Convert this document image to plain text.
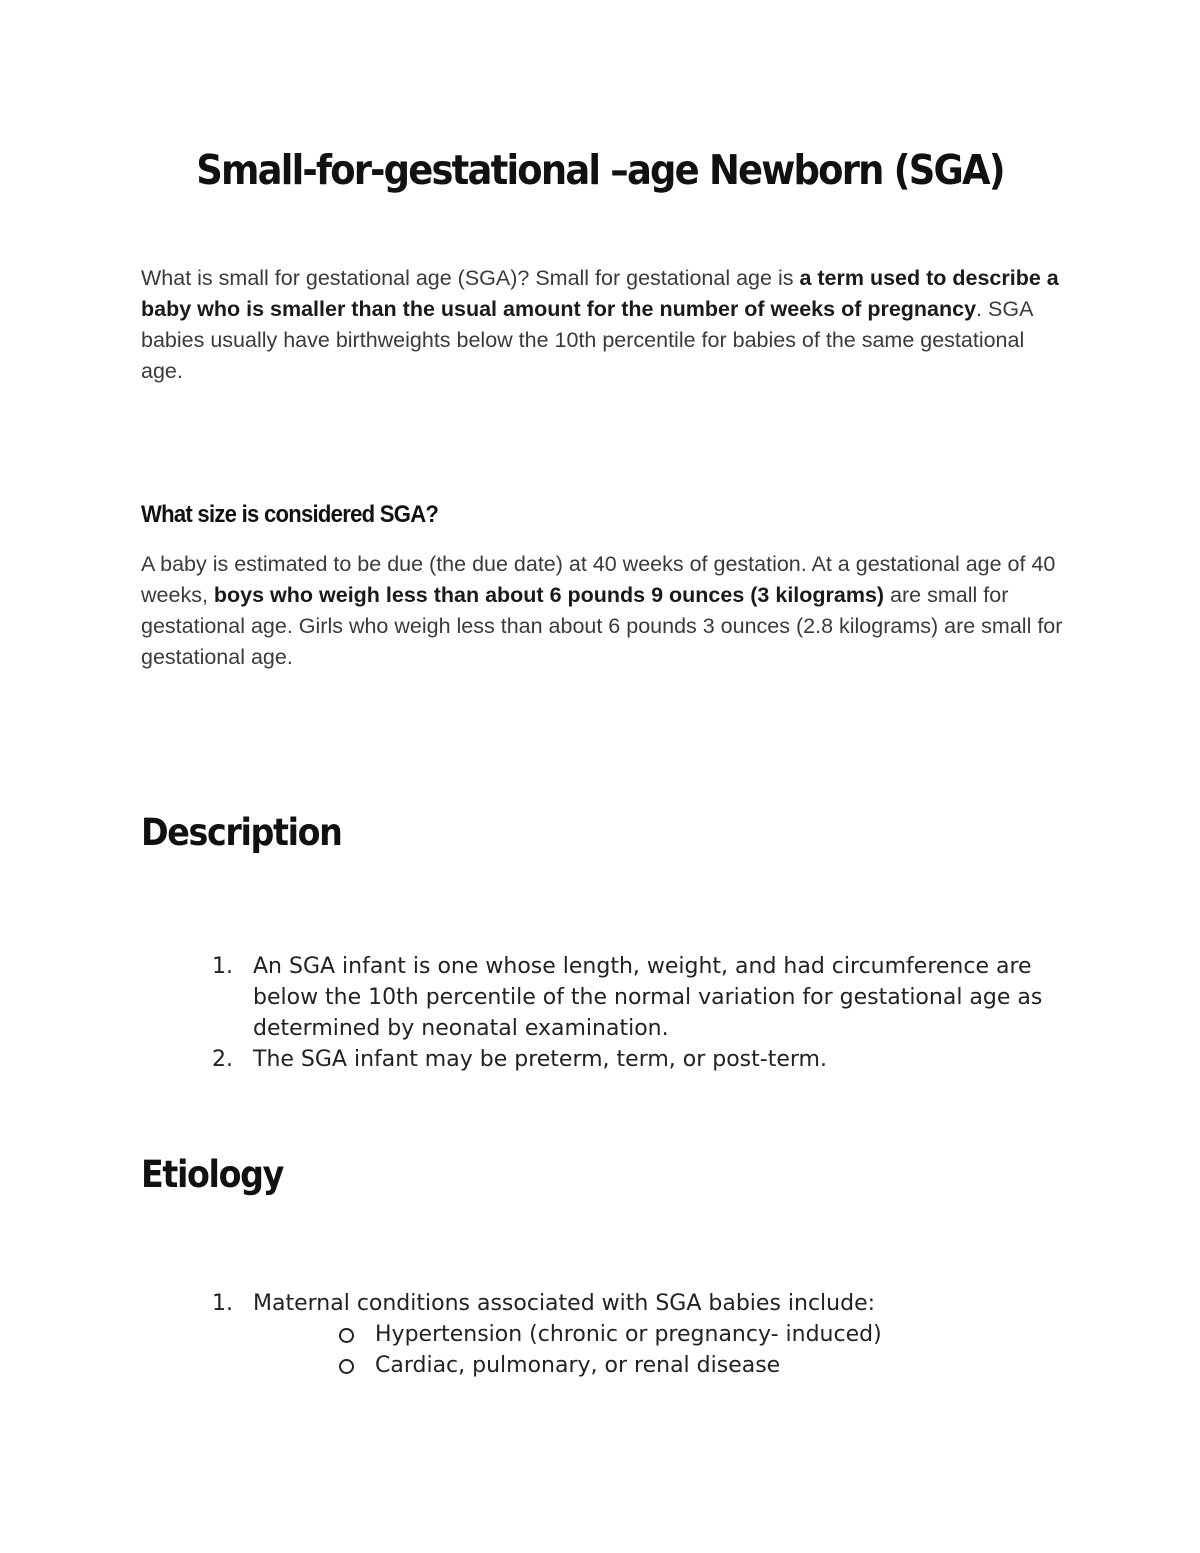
Small-for-gestational –age Newborn (SGA)

What is small for gestational age (SGA)? Small for gestational age is a term used to describe a baby who is smaller than the usual amount for the number of weeks of pregnancy. SGA babies usually have birthweights below the 10th percentile for babies of the same gestational age.

What size is considered SGA?

A baby is estimated to be due (the due date) at 40 weeks of gestation. At a gestational age of 40 weeks, boys who weigh less than about 6 pounds 9 ounces (3 kilograms) are small for gestational age. Girls who weigh less than about 6 pounds 3 ounces (2.8 kilograms) are small for gestational age.

Description
1. An SGA infant is one whose length, weight, and had circumference are below the 10th percentile of the normal variation for gestational age as determined by neonatal examination.
2. The SGA infant may be preterm, term, or post-term.
Etiology
1. Maternal conditions associated with SGA babies include:
Hypertension (chronic or pregnancy- induced)
Cardiac, pulmonary, or renal disease
